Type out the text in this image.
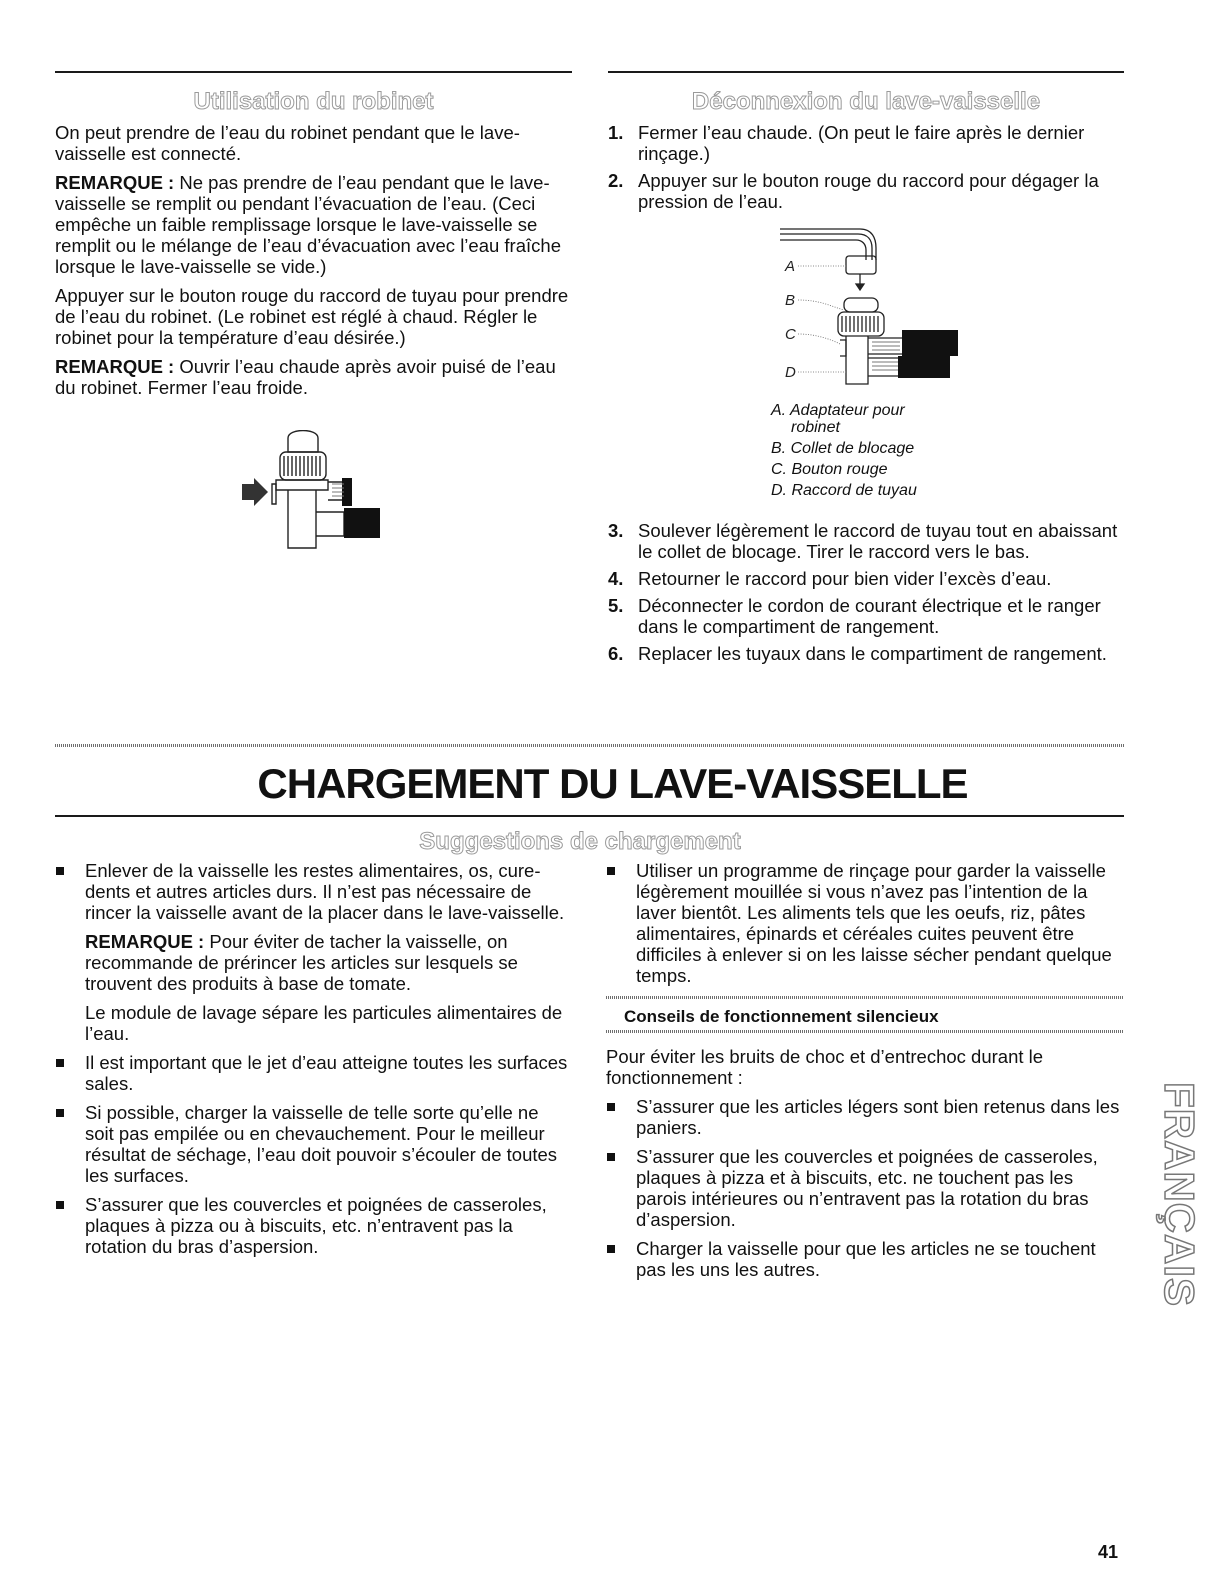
Utilisation du robinet

On peut prendre de l’eau du robinet pendant que le lave-vaisselle est connecté.

REMARQUE : Ne pas prendre de l’eau pendant que le lave-vaisselle se remplit ou pendant l’évacuation de l’eau. (Ceci empêche un faible remplissage lorsque le lave-vaisselle se remplit ou le mélange de l’eau d’évacuation avec l’eau fraîche lorsque le lave-vaisselle se vide.)

Appuyer sur le bouton rouge du raccord de tuyau pour prendre de l’eau du robinet. (Le robinet est réglé à chaud. Régler le robinet pour la température d’eau désirée.)

REMARQUE : Ouvrir l’eau chaude après avoir puisé de l’eau du robinet. Fermer l’eau froide.

Déconnexion du lave-vaisselle
1. Fermer l’eau chaude. (On peut le faire après le dernier rinçage.)
2. Appuyer sur le bouton rouge du raccord pour dégager la pression de l’eau.
A
B
C
D
A. Adaptateur pour
robinet
B. Collet de blocage
C. Bouton rouge
D. Raccord de tuyau
3. Soulever légèrement le raccord de tuyau tout en abaissant le collet de blocage. Tirer le raccord vers le bas.
4. Retourner le raccord pour bien vider l’excès d’eau.
5. Déconnecter le cordon de courant électrique et le ranger dans le compartiment de rangement.
6. Replacer les tuyaux dans le compartiment de rangement.
CHARGEMENT DU LAVE-VAISSELLE
Suggestions de chargement
Enlever de la vaisselle les restes alimentaires, os, cure-dents et autres articles durs. Il n’est pas nécessaire de rincer la vaisselle avant de la placer dans le lave-vaisselle.
REMARQUE : Pour éviter de tacher la vaisselle, on recommande de prérincer les articles sur lesquels se trouvent des produits à base de tomate.
Le module de lavage sépare les particules alimentaires de l’eau.
Il est important que le jet d’eau atteigne toutes les surfaces sales.
Si possible, charger la vaisselle de telle sorte qu’elle ne soit pas empilée ou en chevauchement. Pour le meilleur résultat de séchage, l’eau doit pouvoir s’écouler de toutes les surfaces.
S’assurer que les couvercles et poignées de casseroles, plaques à pizza ou à biscuits, etc. n’entravent pas la rotation du bras d’aspersion.
Utiliser un programme de rinçage pour garder la vaisselle légèrement mouillée si vous n’avez pas l’intention de la laver bientôt. Les aliments tels que les oeufs, riz, pâtes alimentaires, épinards et céréales cuites peuvent être difficiles à enlever si on les laisse sécher pendant quelque temps.
Conseils de fonctionnement silencieux

Pour éviter les bruits de choc et d’entrechoc durant le fonctionnement :

S’assurer que les articles légers sont bien retenus dans les paniers.
S’assurer que les couvercles et poignées de casseroles, plaques à pizza et à biscuits, etc. ne touchent pas les parois intérieures ou n’entravent pas la rotation du bras d’aspersion.
Charger la vaisselle pour que les articles ne se touchent pas les uns les autres.	FRANÇAIS
41
